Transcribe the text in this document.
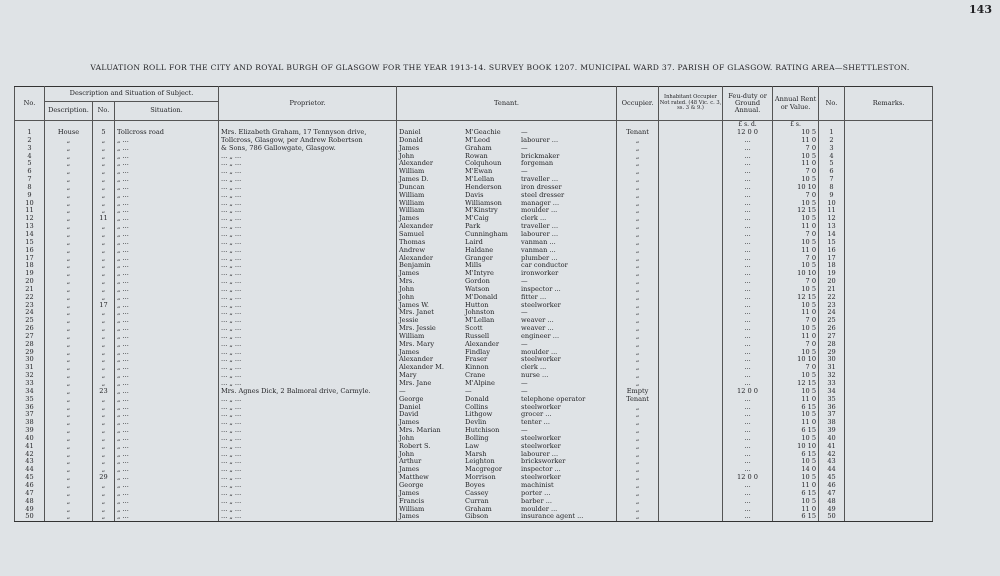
143
VALUATION ROLL FOR THE CITY AND ROYAL BURGH OF GLASGOW FOR THE YEAR 1913-14. SURVEY BOOK 1207. MUNICIPAL WARD 37. PARISH OF GLASGOW. RATING AREA—SHETTLESTON.
No.	Description and Situation of Subject.			Proprietor.	Tenant.	Occupier.	Inhabitant Occupier Not rated. (48 Vic. c. 3, ss. 3 & 9.)	Feu-duty or Ground Annual.	Annual Rent or Value.	No.	Remarks.
	Description.	No.	Situation.								
								£ s. d.	£ s.		
1	House	5	Tollcross road	Mrs. Elizabeth Graham, 17 Tennyson drive,	Daniel M'Geachie —	Tenant		12 0 0	10 5	1	
2	„	„	„ ...	Tollcross, Glasgow, per Andrew Robertson	Donald M'Leod labourer ...	„		...	11 0	2	
3	„	„	„ ...	& Sons, 786 Gallowgate, Glasgow.	James Graham —	„		...	7 0	3	
4	„	„	„ ...	... „ ...	John Rowan brickmaker	„		...	10 5	4	
5	„	„	„ ...	... „ ...	Alexander Colquhoun forgeman	„		...	11 0	5	
6	„	„	„ ...	... „ ...	William M'Ewan —	„		...	7 0	6	
7	„	„	„ ...	... „ ...	James D. M'Lellan traveller ...	„		...	10 5	7	
8	„	„	„ ...	... „ ...	Duncan Henderson iron dresser	„		...	10 10	8	
9	„	„	„ ...	... „ ...	William Davis steel dresser	„		...	7 0	9	
10	„	„	„ ...	... „ ...	William Williamson manager ...	„		...	10 5	10	
11	„	„	„ ...	... „ ...	William M'Kinstry moulder ...	„		...	12 15	11	
12	„	11	„ ...	... „ ...	James M'Caig clerk ...	„		...	10 5	12	
13	„	„	„ ...	... „ ...	Alexander Park traveller ...	„		...	11 0	13	
14	„	„	„ ...	... „ ...	Samuel Cunningham labourer ...	„		...	7 0	14	
15	„	„	„ ...	... „ ...	Thomas Laird vanman ...	„		...	10 5	15	
16	„	„	„ ...	... „ ...	Andrew Haldane vanman ...	„		...	11 0	16	
17	„	„	„ ...	... „ ...	Alexander Granger plumber ...	„		...	7 0	17	
18	„	„	„ ...	... „ ...	Benjamin Mills car conductor	„		...	10 5	18	
19	„	„	„ ...	... „ ...	James M'Intyre ironworker	„		...	10 10	19	
20	„	„	„ ...	... „ ...	Mrs. Gordon —	„		...	7 0	20	
21	„	„	„ ...	... „ ...	John Watson inspector ...	„		...	10 5	21	
22	„	„	„ ...	... „ ...	John M'Donald fitter ...	„		...	12 15	22	
23	„	17	„ ...	... „ ...	James W. Hutton steelworker	„		...	10 5	23	
24	„	„	„ ...	... „ ...	Mrs. Janet Johnston —	„		...	11 0	24	
25	„	„	„ ...	... „ ...	Jessie M'Lellan weaver ...	„		...	7 0	25	
26	„	„	„ ...	... „ ...	Mrs. Jessie Scott weaver ...	„		...	10 5	26	
27	„	„	„ ...	... „ ...	William Russell engineer ...	„		...	11 0	27	
28	„	„	„ ...	... „ ...	Mrs. Mary Alexander —	„		...	7 0	28	
29	„	„	„ ...	... „ ...	James Findlay moulder ...	„		...	10 5	29	
30	„	„	„ ...	... „ ...	Alexander Fraser steelworker	„		...	10 10	30	
31	„	„	„ ...	... „ ...	Alexander M. Kinnon clerk ...	„		...	7 0	31	
32	„	„	„ ...	... „ ...	Mary Crane nurse ...	„		...	10 5	32	
33	„	„	„ ...	... „ ...	Mrs. Jane M'Alpine —	„		...	12 15	33	
34	„	23	„ ...	Mrs. Agnes Dick, 2 Balmoral drive, Carmyle.	— — —	Empty		12 0 0	10 5	34	
35	„	„	„ ...	... „ ...	George Donald telephone operator	Tenant		...	11 0	35	
36	„	„	„ ...	... „ ...	Daniel Collins steelworker	„		...	6 15	36	
37	„	„	„ ...	... „ ...	David Lithgow grocer ...	„		...	10 5	37	
38	„	„	„ ...	... „ ...	James Devlin tenter ...	„		...	11 0	38	
39	„	„	„ ...	... „ ...	Mrs. Marian Hutchison —	„		...	6 15	39	
40	„	„	„ ...	... „ ...	John Bolling steelworker	„		...	10 5	40	
41	„	„	„ ...	... „ ...	Robert S. Law steelworker	„		...	10 10	41	
42	„	„	„ ...	... „ ...	John Marsh labourer ...	„		...	6 15	42	
43	„	„	„ ...	... „ ...	Arthur Leighton bricksworker	„		...	10 5	43	
44	„	„	„ ...	... „ ...	James Macgregor inspector ...	„		...	14 0	44	
45	„	29	„ ...	... „ ...	Matthew Morrison steelworker	„		12 0 0	10 5	45	
46	„	„	„ ...	... „ ...	George Boyes machinist	„		...	11 0	46	
47	„	„	„ ...	... „ ...	James Cassey porter ...	„		...	6 15	47	
48	„	„	„ ...	... „ ...	Francis Curran barber ...	„		...	10 5	48	
49	„	„	„ ...	... „ ...	William Graham moulder ...	„		...	11 0	49	
50	„	„	„ ...	... „ ...	James Gibson insurance agent ...	„		...	6 15	50	
